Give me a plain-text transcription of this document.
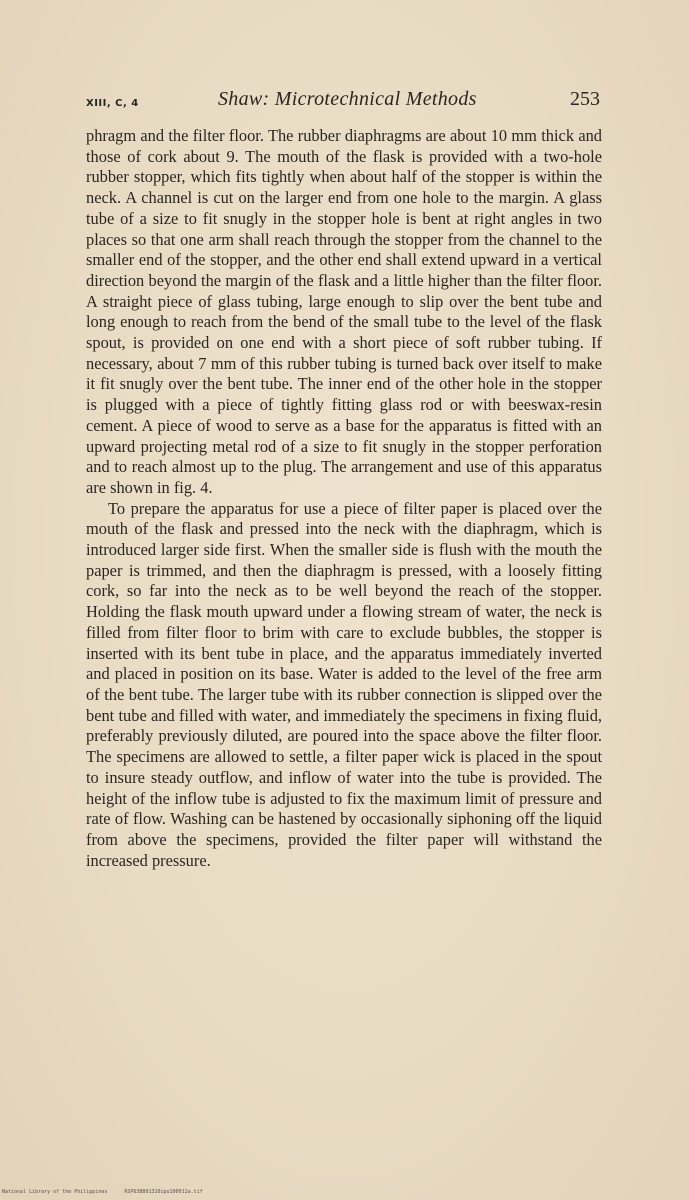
XIII, C, 4	Shaw: Microtechnical Methods	253

phragm and the filter floor. The rubber diaphragms are about 10 mm thick and those of cork about 9. The mouth of the flask is provided with a two-hole rubber stopper, which fits tightly when about half of the stopper is within the neck. A channel is cut on the larger end from one hole to the margin. A glass tube of a size to fit snugly in the stopper hole is bent at right angles in two places so that one arm shall reach through the stopper from the channel to the smaller end of the stopper, and the other end shall extend upward in a vertical direction beyond the margin of the flask and a little higher than the filter floor. A straight piece of glass tubing, large enough to slip over the bent tube and long enough to reach from the bend of the small tube to the level of the flask spout, is provided on one end with a short piece of soft rubber tubing. If necessary, about 7 mm of this rubber tubing is turned back over itself to make it fit snugly over the bent tube. The inner end of the other hole in the stopper is plugged with a piece of tightly fitting glass rod or with beeswax-resin cement. A piece of wood to serve as a base for the apparatus is fitted with an upward projecting metal rod of a size to fit snugly in the stopper perforation and to reach almost up to the plug. The arrangement and use of this apparatus are shown in fig. 4.

To prepare the apparatus for use a piece of filter paper is placed over the mouth of the flask and pressed into the neck with the diaphragm, which is introduced larger side first. When the smaller side is flush with the mouth the paper is trimmed, and then the diaphragm is pressed, with a loosely fitting cork, so far into the neck as to be well beyond the reach of the stopper. Holding the flask mouth upward under a flowing stream of water, the neck is filled from filter floor to brim with care to exclude bubbles, the stopper is inserted with its bent tube in place, and the apparatus immediately inverted and placed in position on its base. Water is added to the level of the free arm of the bent tube. The larger tube with its rubber connection is slipped over the bent tube and filled with water, and immediately the specimens in fixing fluid, preferably previously diluted, are poured into the space above the filter floor. The specimens are allowed to settle, a filter paper wick is placed in the spout to insure steady outflow, and inflow of water into the tube is provided. The height of the inflow tube is adjusted to fix the maximum limit of pressure and rate of flow. Washing can be hastened by occasionally siphoning off the liquid from above the specimens, provided the filter paper will withstand the increased pressure.

National Library of the Philippines	RSP638B01310ipu100012a.tif
